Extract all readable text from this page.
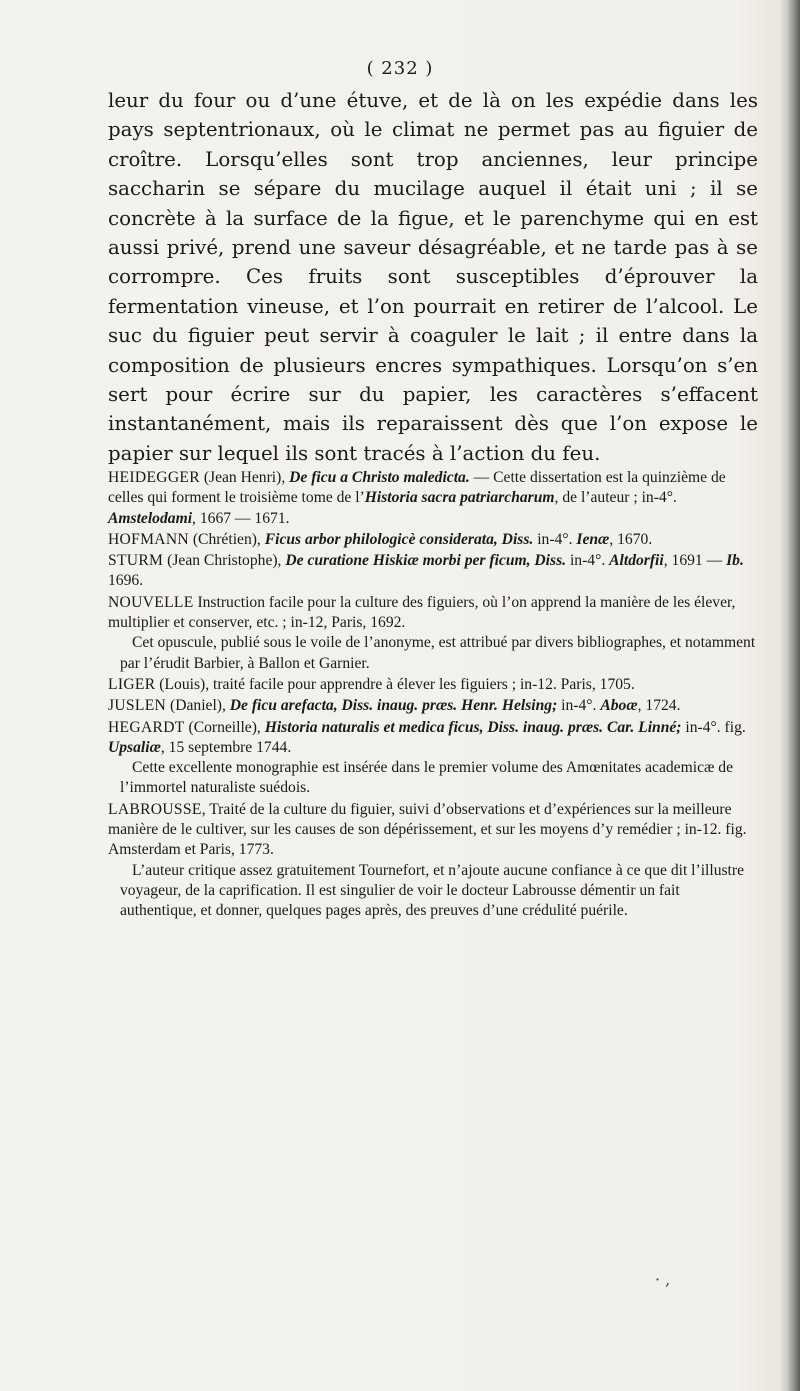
( 232 )

leur du four ou d’une étuve, et de là on les expédie dans les pays septentrionaux, où le climat ne permet pas au figuier de croître. Lorsqu’elles sont trop anciennes, leur principe saccharin se sépare du mucilage auquel il était uni ; il se concrète à la surface de la figue, et le parenchyme qui en est aussi privé, prend une saveur désagréable, et ne tarde pas à se corrompre. Ces fruits sont susceptibles d’éprouver la fermentation vineuse, et l’on pourrait en retirer de l’alcool. Le suc du figuier peut servir à coaguler le lait ; il entre dans la composition de plusieurs encres sympathiques. Lorsqu’on s’en sert pour écrire sur du papier, les caractères s’effacent instantanément, mais ils reparaissent dès que l’on expose le papier sur lequel ils sont tracés à l’action du feu.

HEIDEGGER (Jean Henri), De ficu a Christo maledicta. — Cette dissertation est la quinzième de celles qui forment le troisième tome de l’Historia sacra patriarcharum, de l’auteur ; in-4°. Amstelodami, 1667 — 1671.

HOFMANN (Chrétien), Ficus arbor philologicè considerata, Diss. in-4°. Ienæ, 1670.

STURM (Jean Christophe), De curatione Hiskiæ morbi per ficum, Diss. in-4°. Altdorfii, 1691 — Ib. 1696.

NOUVELLE Instruction facile pour la culture des figuiers, où l’on apprend la manière de les élever, multiplier et conserver, etc. ; in-12, Paris, 1692.
Cet opuscule, publié sous le voile de l’anonyme, est attribué par divers bibliographes, et notamment par l’érudit Barbier, à Ballon et Garnier.

LIGER (Louis), traité facile pour apprendre à élever les figuiers ; in-12. Paris, 1705.

JUSLEN (Daniel), De ficu arefacta, Diss. inaug. præs. Henr. Helsing; in-4°. Aboæ, 1724.

HEGARDT (Corneille), Historia naturalis et medica ficus, Diss. inaug. præs. Car. Linné; in-4°. fig. Upsaliæ, 15 septembre 1744.
Cette excellente monographie est insérée dans le premier volume des Amœnitates academicæ de l’immortel naturaliste suédois.

LABROUSSE, Traité de la culture du figuier, suivi d’observations et d’expériences sur la meilleure manière de le cultiver, sur les causes de son dépérissement, et sur les moyens d’y remédier ; in-12. fig. Amsterdam et Paris, 1773.
L’auteur critique assez gratuitement Tournefort, et n’ajoute aucune confiance à ce que dit l’illustre voyageur, de la caprification. Il est singulier de voir le docteur Labrousse démentir un fait authentique, et donner, quelques pages après, des preuves d’une crédulité puérile.

· ,
